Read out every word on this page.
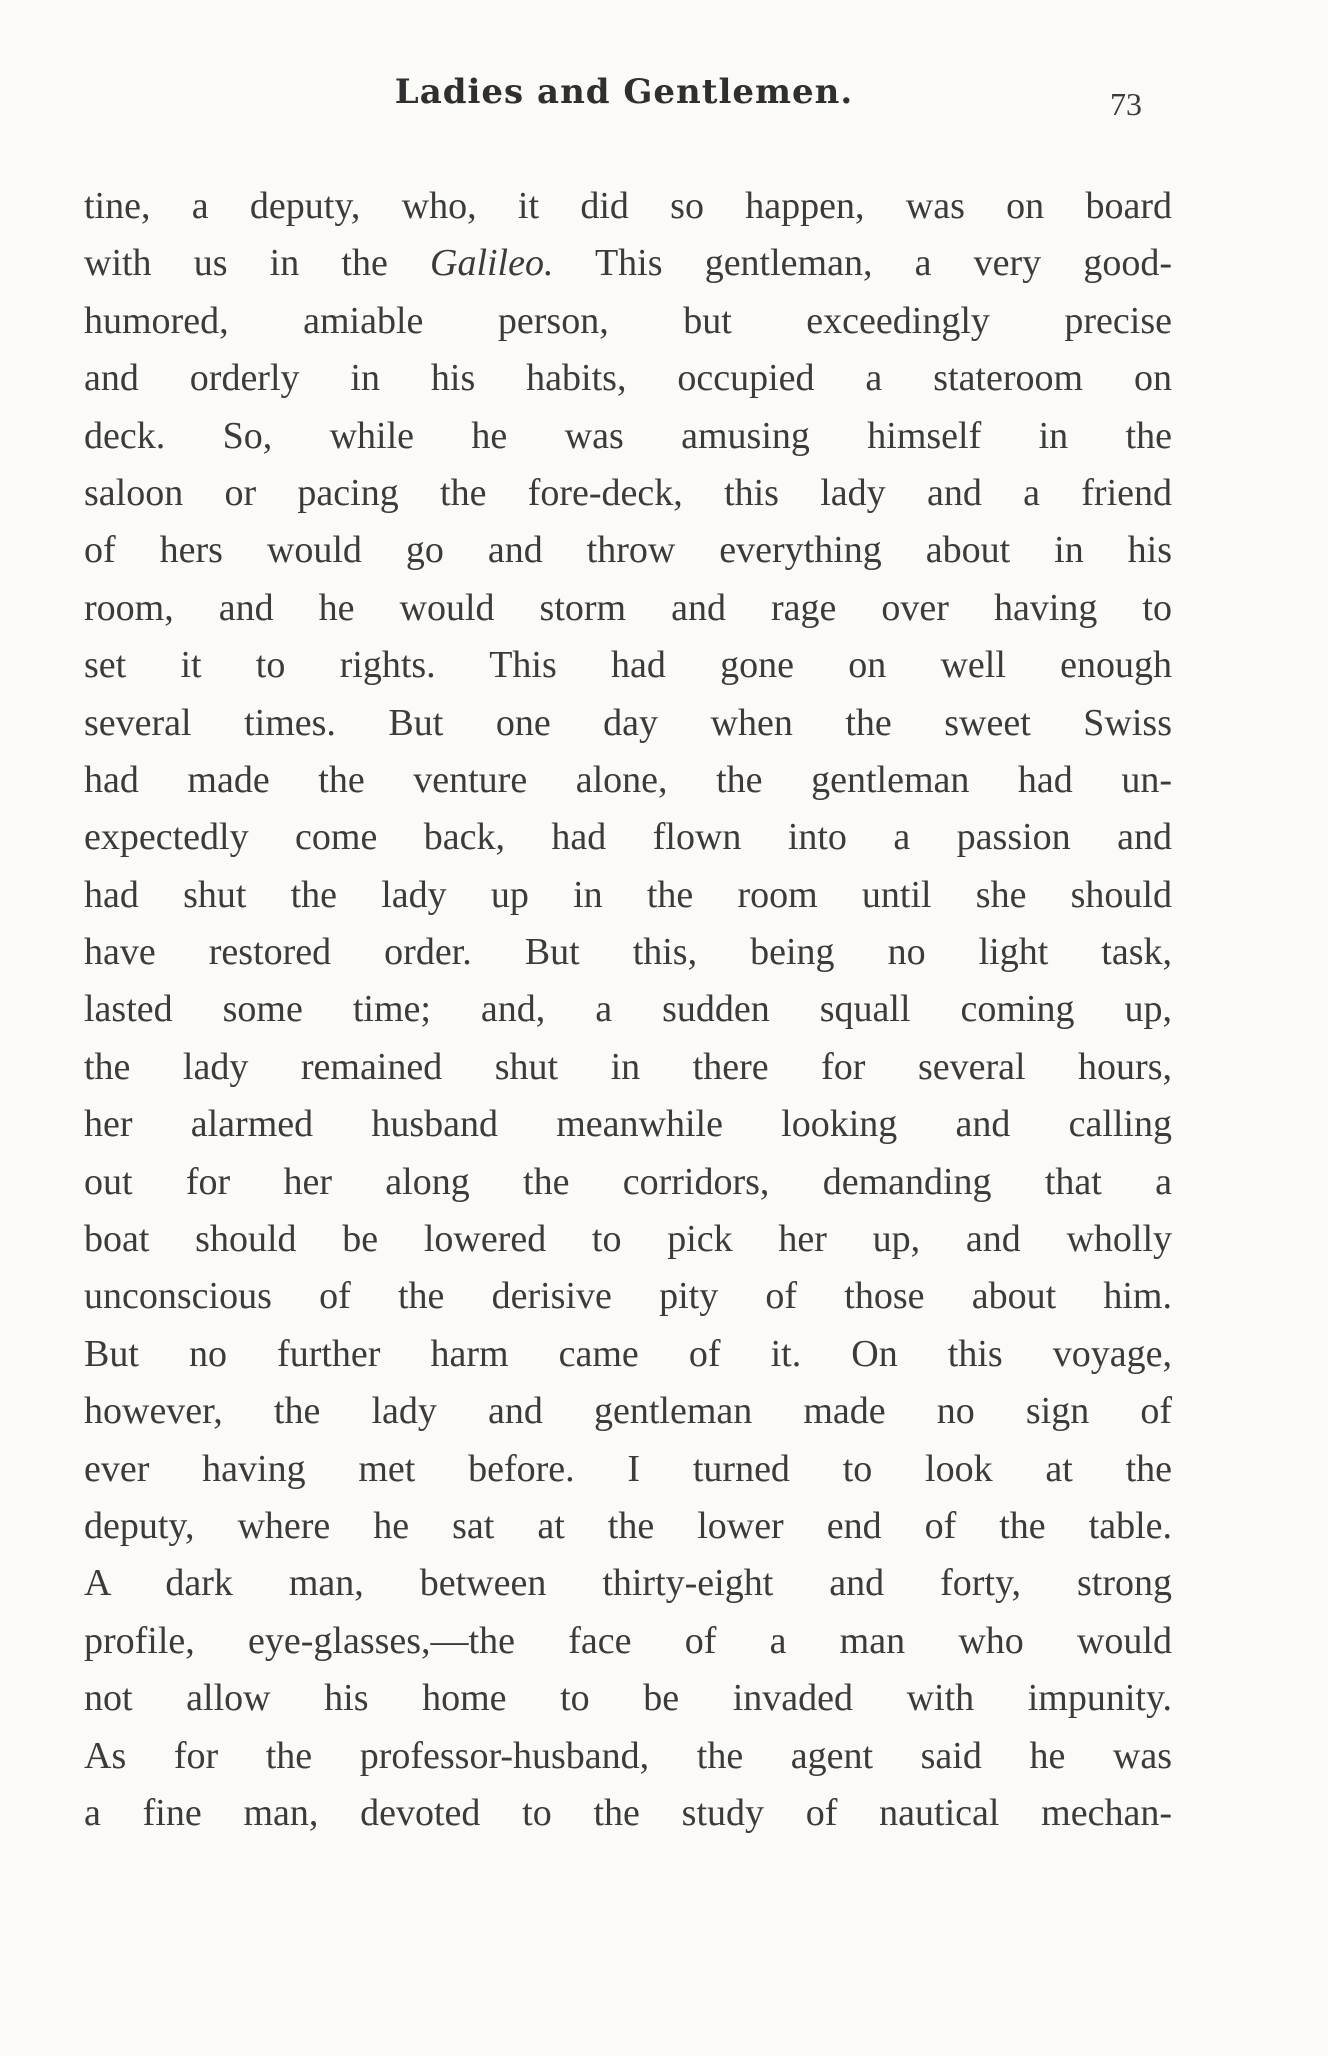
Ladies and Gentlemen.	73
tine, a deputy, who, it did so happen, was on board
with us in the Galileo. This gentleman, a very good-
humored, amiable person, but exceedingly precise
and orderly in his habits, occupied a stateroom on
deck. So, while he was amusing himself in the
saloon or pacing the fore-deck, this lady and a friend
of hers would go and throw everything about in his
room, and he would storm and rage over having to
set it to rights. This had gone on well enough
several times. But one day when the sweet Swiss
had made the venture alone, the gentleman had un-
expectedly come back, had flown into a passion and
had shut the lady up in the room until she should
have restored order. But this, being no light task,
lasted some time; and, a sudden squall coming up,
the lady remained shut in there for several hours,
her alarmed husband meanwhile looking and calling
out for her along the corridors, demanding that a
boat should be lowered to pick her up, and wholly
unconscious of the derisive pity of those about him.
But no further harm came of it. On this voyage,
however, the lady and gentleman made no sign of
ever having met before. I turned to look at the
deputy, where he sat at the lower end of the table.
A dark man, between thirty-eight and forty, strong
profile, eye-glasses,—the face of a man who would
not allow his home to be invaded with impunity.
As for the professor-husband, the agent said he was
a fine man, devoted to the study of nautical mechan-
